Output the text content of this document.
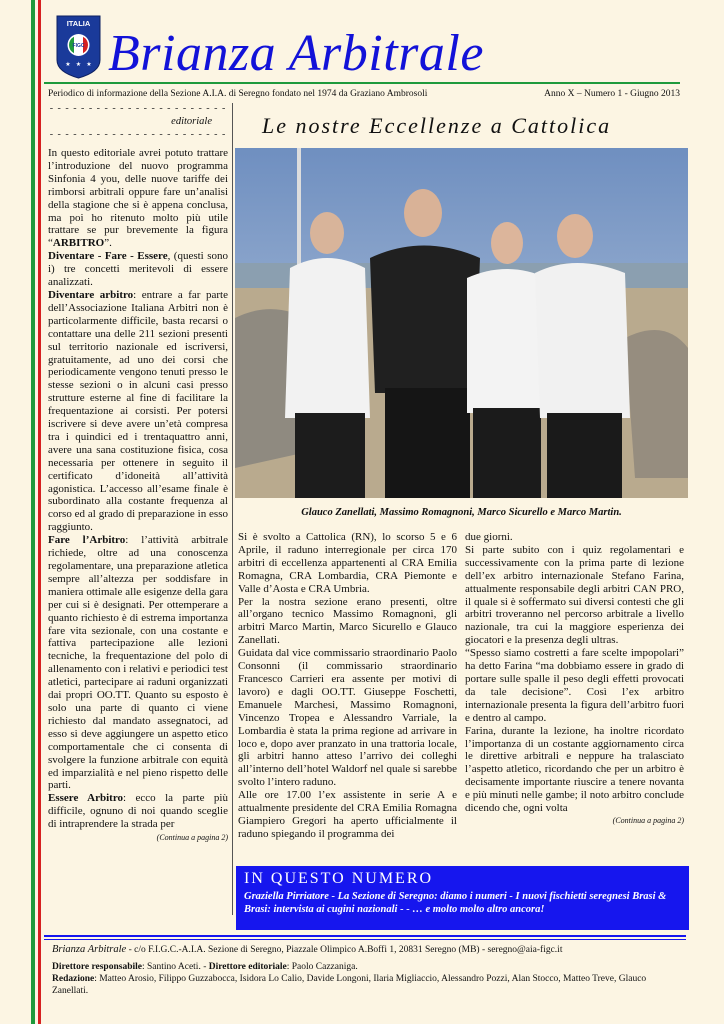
ITALIA
FIGC
★ ★ ★ Brianza Arbitrale
Periodico di informazione della Sezione A.I.A. di Seregno fondato nel 1974 da Graziano Ambrosoli	Anno X – Numero 1 - Giugno 2013
- - - - - - - - - - - - - - - - - - - - - - -
editoriale
- - - - - - - - - - - - - - - - - - - - - - -

In questo editoriale avrei potuto trattare l’introduzione del nuovo programma Sinfonia 4 you, delle nuove tariffe dei rimborsi arbitrali oppure fare un’analisi della stagione che si è appena conclusa, ma poi ho ritenuto molto più utile trattare se pur brevemente la figura “ARBITRO”.

Diventare - Fare - Essere, (questi sono i) tre concetti meritevoli di essere analizzati.

Diventare arbitro: entrare a far parte dell’Associazione Italiana Arbitri non è particolarmente difficile, basta recarsi o contattare una delle 211 sezioni presenti sul territorio nazionale ed iscriversi, gratuitamente, ad uno dei corsi che periodicamente vengono tenuti presso le stesse sezioni o in alcuni casi presso strutture esterne al fine di facilitare la frequentazione ai corsisti. Per potersi iscrivere si deve avere un’età compresa tra i quindici ed i trentaquattro anni, avere una sana costituzione fisica, cosa necessaria per ottenere in seguito il certificato d’idoneità all’attività agonistica. L’accesso all’esame finale è subordinato alla costante frequenza al corso ed al grado di preparazione in esso raggiunto.

Fare l’Arbitro: l’attività arbitrale richiede, oltre ad una conoscenza regolamentare, una preparazione atletica sempre all’altezza per soddisfare in maniera ottimale alle esigenze della gara per cui si è designati. Per ottemperare a quanto richiesto è di estrema importanza fare vita sezionale, con una costante e fattiva partecipazione alle lezioni tecniche, la frequentazione del polo di allenamento con i relativi e periodici test atletici, partecipare ai raduni organizzati dai propri OO.TT. Quanto su esposto è solo una parte di quanto ci viene richiesto dal mandato assegnatoci, ad esso si deve aggiungere un aspetto etico comportamentale che ci consenta di svolgere la funzione arbitrale con equità ed imparzialità e nel pieno rispetto delle parti.

Essere Arbitro: ecco la parte più difficile, ognuno di noi quando sceglie di intraprendere la strada per

(Continua a pagina 2)
Le nostre Eccellenze a Cattolica
Glauco Zanellati, Massimo Romagnoni, Marco Sicurello e Marco Martin.

Si è svolto a Cattolica (RN), lo scorso 5 e 6 Aprile, il raduno interregionale per circa 170 arbitri di eccellenza appartenenti al CRA Emilia Romagna, CRA Lombardia, CRA Piemonte e Valle d’Aosta e CRA Umbria.

Per la nostra sezione erano presenti, oltre all’organo tecnico Massimo Romagnoni, gli arbitri Marco Martin, Marco Sicurello e Glauco Zanellati.

Guidata dal vice commissario straordinario Paolo Consonni (il commissario straordinario Francesco Carrieri era assente per motivi di lavoro) e dagli OO.TT. Giuseppe Foschetti, Emanuele Marchesi, Massimo Romagnoni, Vincenzo Tropea e Alessandro Varriale, la Lombardia è stata la prima regione ad arrivare in loco e, dopo aver pranzato in una trattoria locale, gli arbitri hanno atteso l’arrivo dei colleghi all’interno dell’hotel Waldorf nel quale si sarebbe svolto l’intero raduno.

Alle ore 17.00 l’ex assistente in serie A e attualmente presidente del CRA Emilia Romagna Giampiero Gregori ha aperto ufficialmente il raduno spiegando il programma dei

due giorni.

Si parte subito con i quiz regolamentari e successivamente con la prima parte di lezione dell’ex arbitro internazionale Stefano Farina, attualmente responsabile degli arbitri CAN PRO, il quale si è soffermato sui diversi contesti che gli arbitri troveranno nel percorso arbitrale a livello nazionale, tra cui la maggiore esperienza dei giocatori e la presenza degli ultras.

“Spesso siamo costretti a fare scelte impopolari” ha detto Farina “ma dobbiamo essere in grado di portare sulle spalle il peso degli effetti provocati da tale decisione”. Così l’ex arbitro internazionale presenta la figura dell’arbitro fuori e dentro al campo.

Farina, durante la lezione, ha inoltre ricordato l’importanza di un costante aggiornamento circa le direttive arbitrali e neppure ha tralasciato l’aspetto atletico, ricordando che per un arbitro è decisamente importante riuscire a tenere novanta e più minuti nelle gambe; il noto arbitro conclude dicendo che, ogni volta

(Continua a pagina 2)
IN QUESTO NUMERO
Graziella Pirriatore - La Sezione di Seregno: diamo i numeri - I nuovi fischietti seregnesi Brasi & Brasi: intervista ai cugini nazionali - - … e molto molto altro ancora!
Brianza Arbitrale - c/o F.I.G.C.-A.I.A. Sezione di Seregno, Piazzale Olimpico A.Boffi 1, 20831 Seregno (MB) - seregno@aia-figc.it
Direttore responsabile: Santino Aceti. - Direttore editoriale: Paolo Cazzaniga.
Redazione: Matteo Arosio, Filippo Guzzabocca, Isidora Lo Calio, Davide Longoni, Ilaria Migliaccio, Alessandro Pozzi, Alan Stocco, Matteo Treve, Glauco Zanellati.
